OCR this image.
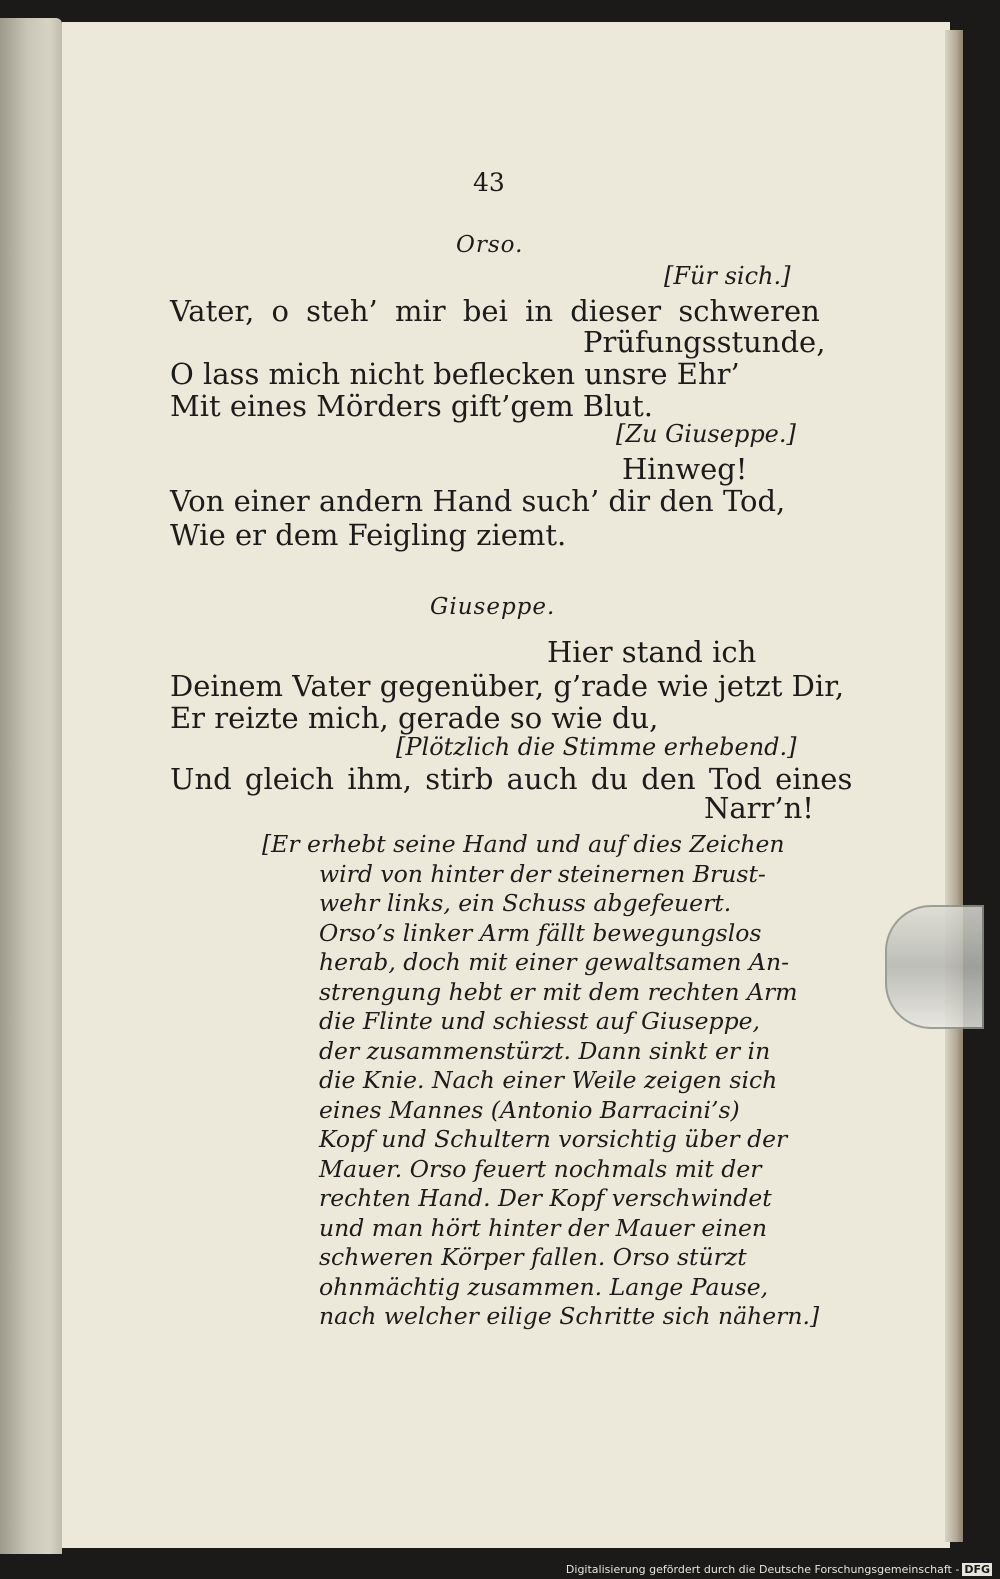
43
Orso.
[Für sich.]
Vater, o steh’ mir bei in dieser schweren
Prüfungsstunde,
O lass mich nicht beflecken unsre Ehr’
Mit eines Mörders gift’gem Blut.
[Zu Giuseppe.]
Hinweg!
Von einer andern Hand such’ dir den Tod,
Wie er dem Feigling ziemt.
Giuseppe.
Hier stand ich
Deinem Vater gegenüber, g’rade wie jetzt Dir,
Er reizte mich, gerade so wie du,
[Plötzlich die Stimme erhebend.]
Und gleich ihm, stirb auch du den Tod eines
Narr’n!
[Er erhebt seine Hand und auf dies Zeichen
wird von hinter der steinernen Brust-
wehr links, ein Schuss abgefeuert.
Orso’s linker Arm fällt bewegungslos
herab, doch mit einer gewaltsamen An-
strengung hebt er mit dem rechten Arm
die Flinte und schiesst auf Giuseppe,
der zusammenstürzt. Dann sinkt er in
die Knie. Nach einer Weile zeigen sich
eines Mannes (Antonio Barracini’s)
Kopf und Schultern vorsichtig über der
Mauer. Orso feuert nochmals mit der
rechten Hand. Der Kopf verschwindet
und man hört hinter der Mauer einen
schweren Körper fallen. Orso stürzt
ohnmächtig zusammen. Lange Pause,
nach welcher eilige Schritte sich nähern.]
Digitalisierung gefördert durch die Deutsche Forschungsgemeinschaft - DFG
